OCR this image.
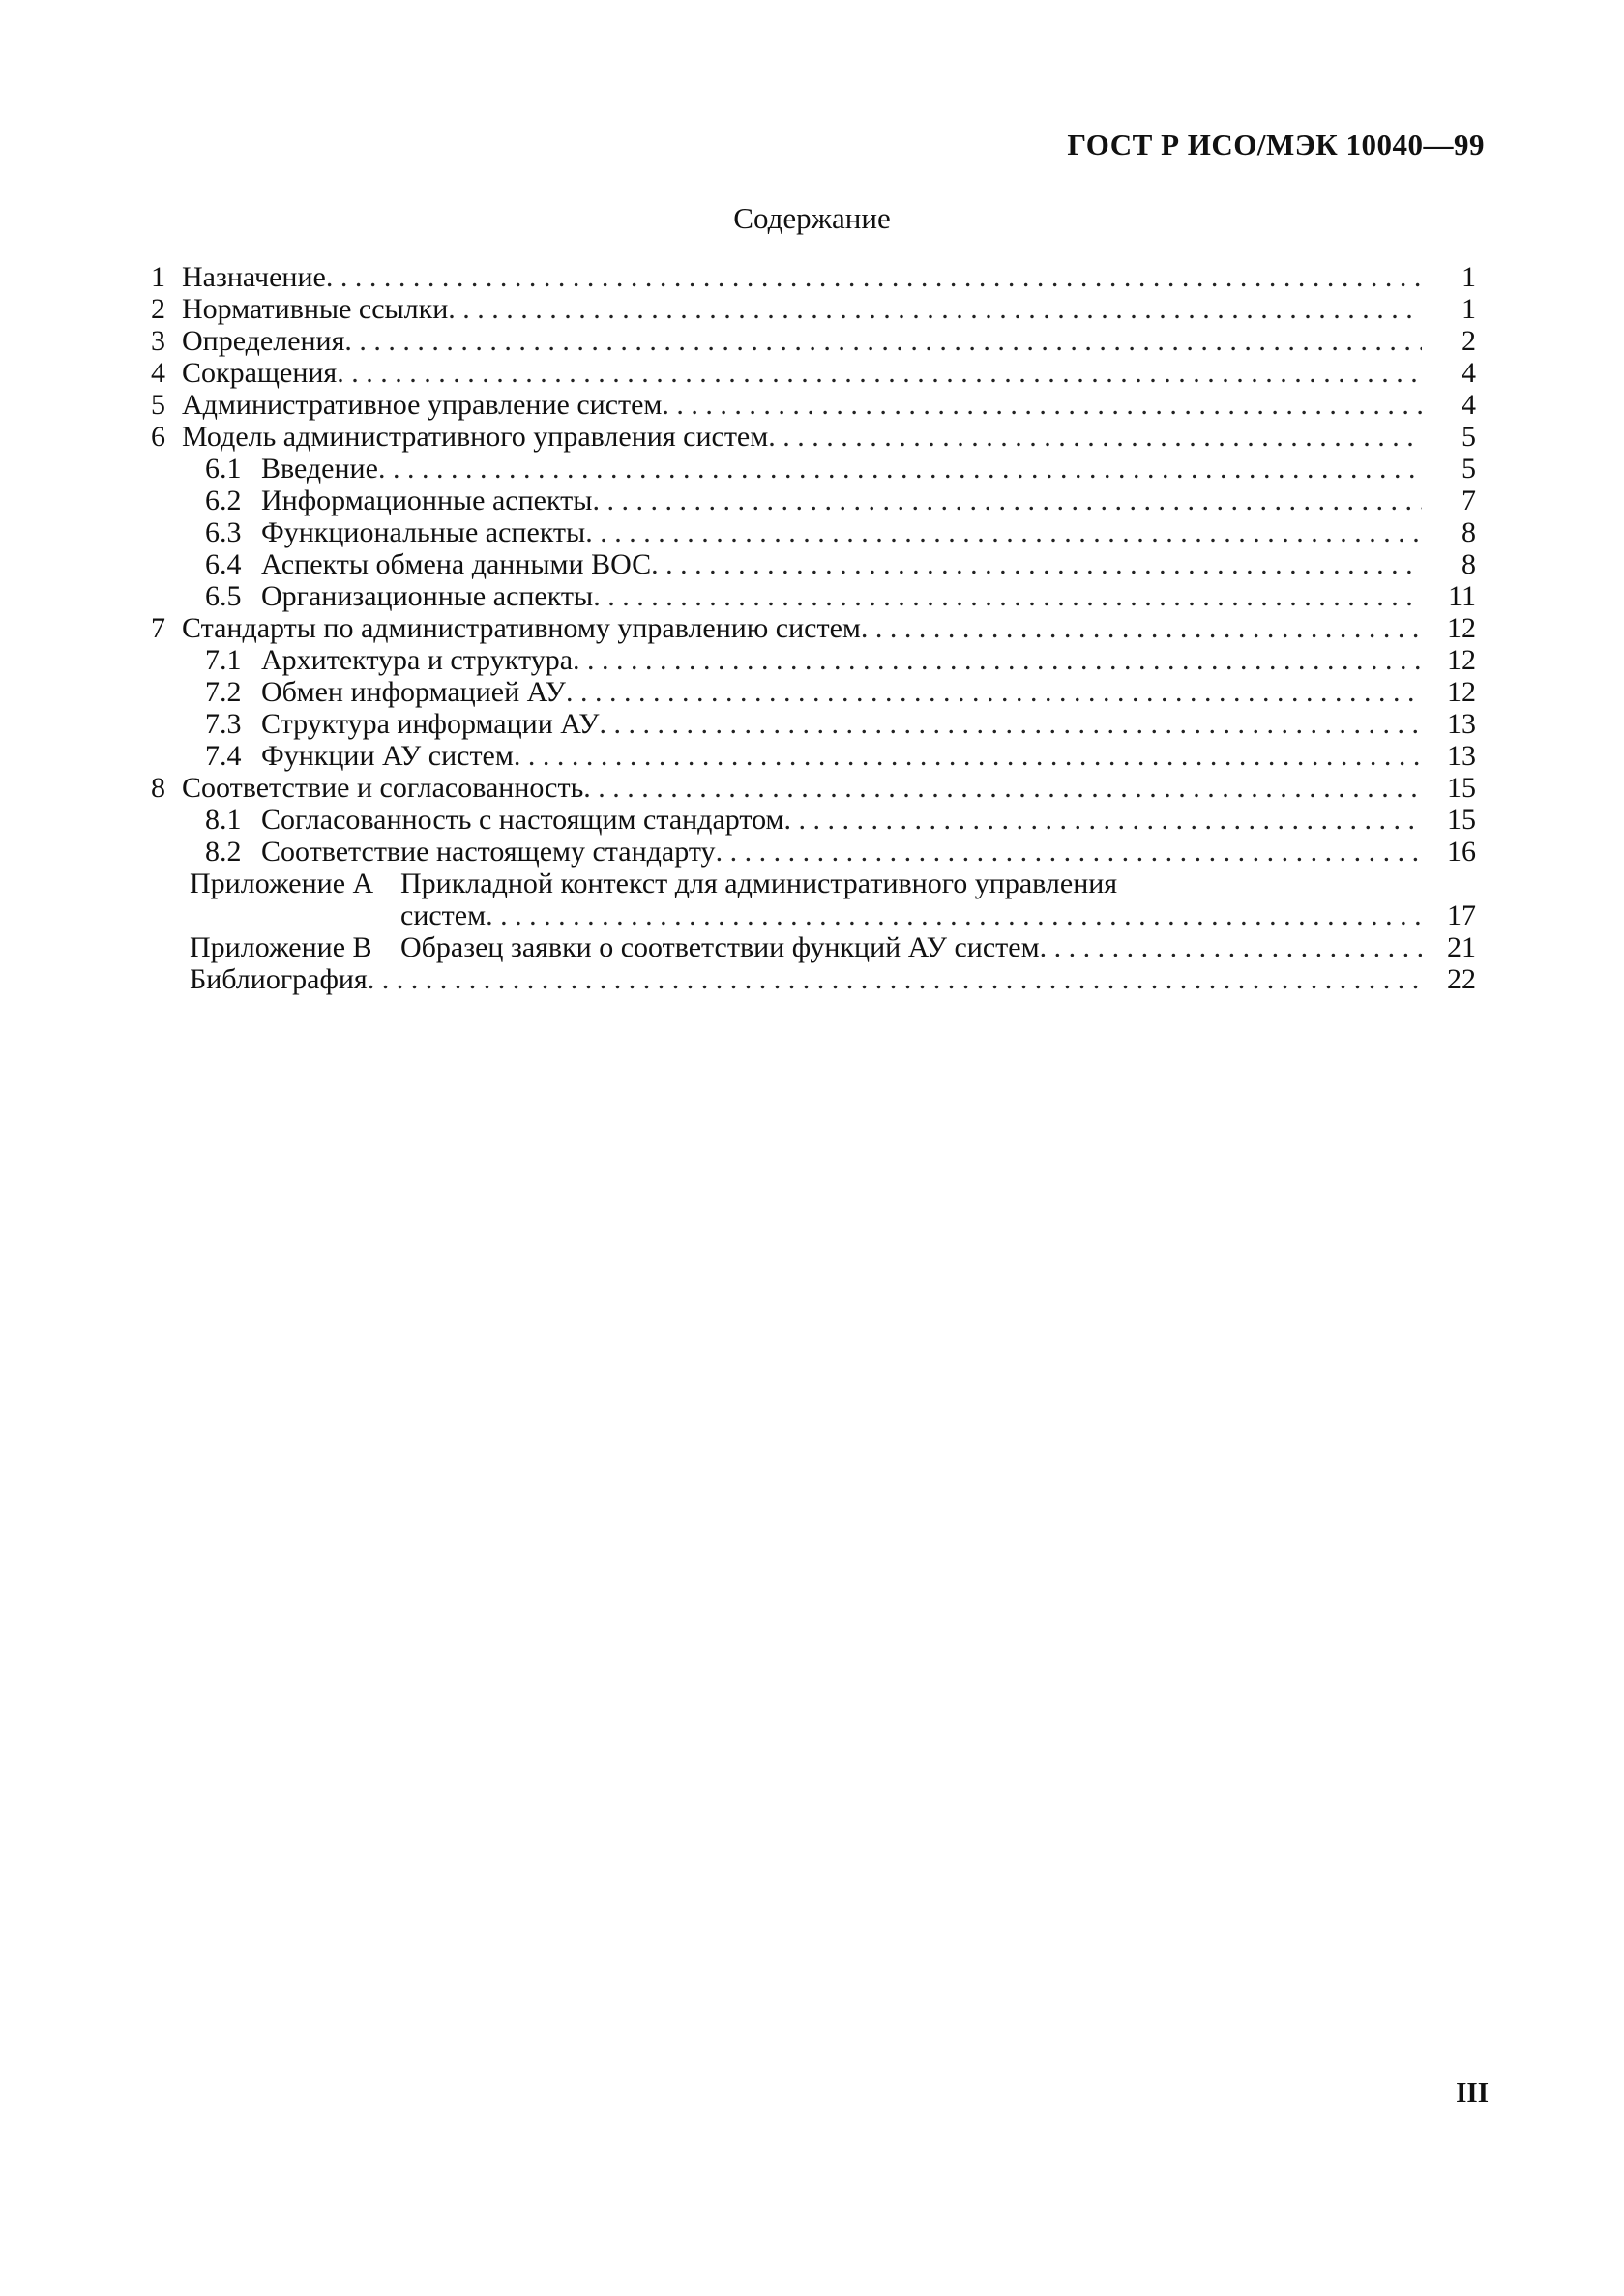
ГОСТ Р ИСО/МЭК 10040—99
Содержание
1 Назначение . . .	1
2 Нормативные ссылки . . .	1
3 Определения . . .	2
4 Сокращения . . .	4
5 Административное управление систем . . .	4
6 Модель административного управления систем . . .	5
6.1 Введение . . .	5
6.2 Информационные аспекты . . .	7
6.3 Функциональные аспекты . . .	8
6.4 Аспекты обмена данными ВОС . . .	8
6.5 Организационные аспекты . . .	11
7 Стандарты по административному управлению систем . . .	12
7.1 Архитектура и структура . . .	12
7.2 Обмен информацией АУ . . .	12
7.3 Структура информации АУ . . .	13
7.4 Функции АУ систем . . .	13
8 Соответствие и согласованность . . .	15
8.1 Согласованность с настоящим стандартом . . .	15
8.2 Соответствие настоящему стандарту . . .	16
Приложение А Прикладной контекст для административного управления
систем . . .	17
Приложение В Образец заявки о соответствии функций АУ систем . . .	21
Библиография . . .	22
III
